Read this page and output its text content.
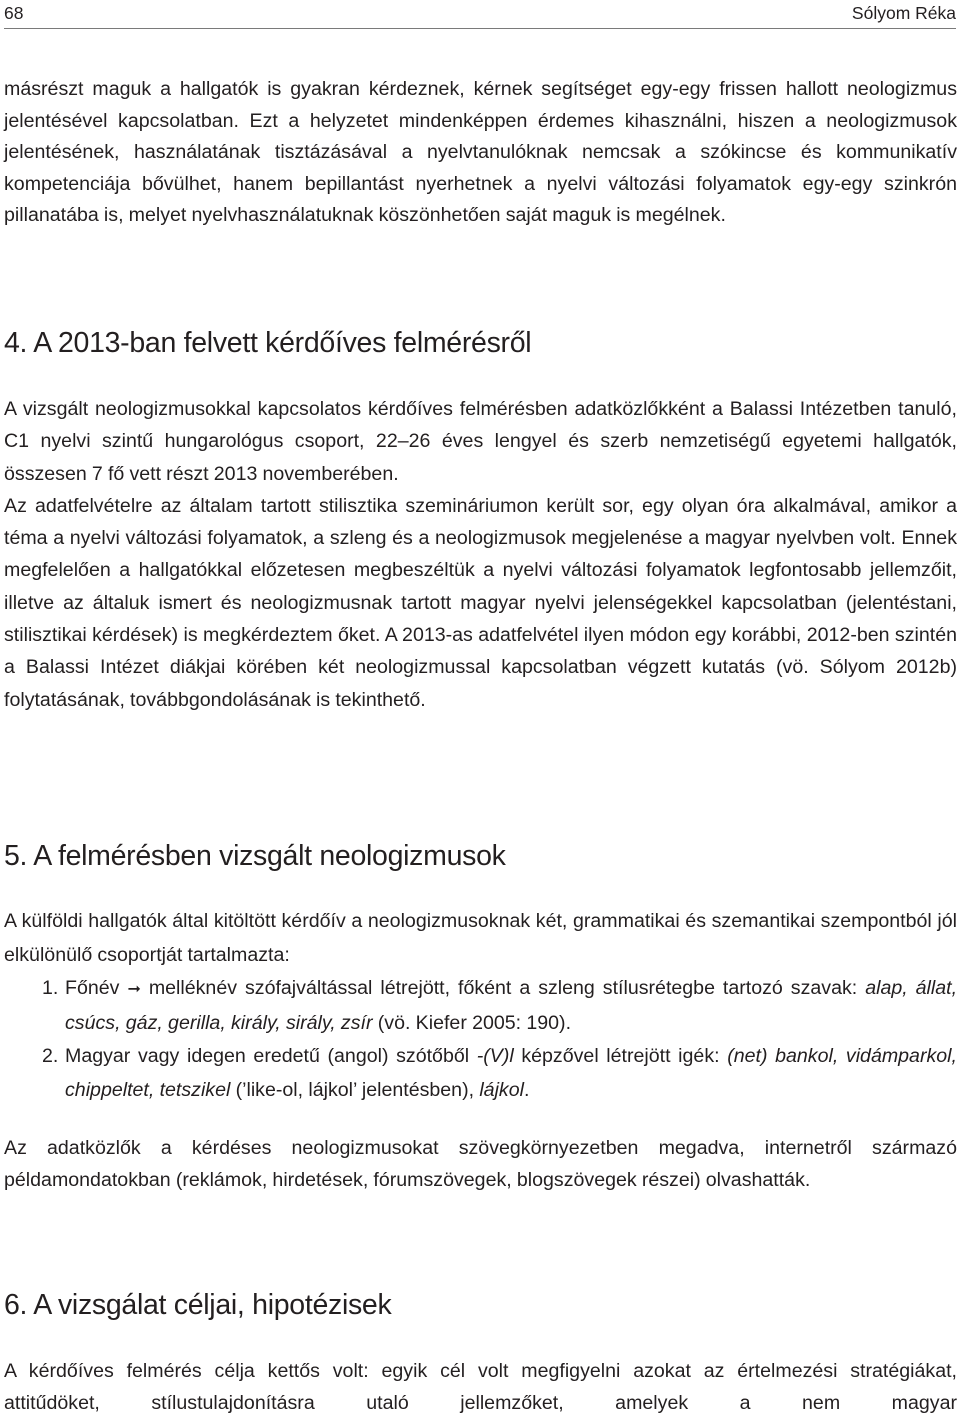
68	Sólyom Réka

másrészt maguk a hallgatók is gyakran kérdeznek, kérnek segítséget egy-egy frissen hallott neologizmus jelentésével kapcsolatban. Ezt a helyzetet mindenképpen érdemes kihasználni, hiszen a neologizmusok jelentésének, használatának tisztázásával a nyelvtanulóknak nemcsak a szókincse és kommunikatív kompetenciája bővülhet, hanem bepillantást nyerhetnek a nyelvi változási folyamatok egy-egy szinkrón pillanatába is, melyet nyelvhasználatuknak köszönhetően saját maguk is megélnek.

4. A 2013-ban felvett kérdőíves felmérésről

A vizsgált neologizmusokkal kapcsolatos kérdőíves felmérésben adatközlőkként a Balassi Intézetben tanuló, C1 nyelvi szintű hungarológus csoport, 22–26 éves lengyel és szerb nemzetiségű egyetemi hallgatók, összesen 7 fő vett részt 2013 novemberében.

Az adatfelvételre az általam tartott stilisztika szemináriumon került sor, egy olyan óra alkalmával, amikor a téma a nyelvi változási folyamatok, a szleng és a neologizmusok megjelenése a magyar nyelvben volt. Ennek megfelelően a hallgatókkal előzetesen megbeszéltük a nyelvi változási folyamatok legfontosabb jellemzőit, illetve az általuk ismert és neologizmusnak tartott magyar nyelvi jelenségekkel kapcsolatban (jelentéstani, stilisztikai kérdések) is megkérdeztem őket. A 2013-as adatfelvétel ilyen módon egy korábbi, 2012-ben szintén a Balassi Intézet diákjai körében két neologizmussal kapcsolatban végzett kutatás (vö. Sólyom 2012b) folytatásának, továbbgondolásának is tekinthető.

5. A felmérésben vizsgált neologizmusok

A külföldi hallgatók által kitöltött kérdőív a neologizmusoknak két, grammatikai és szemantikai szempontból jól elkülönülő csoportját tartalmazta:

1. Főnév ➞ melléknév szófajváltással létrejött, főként a szleng stílusrétegbe tartozó szavak: alap, állat, csúcs, gáz, gerilla, király, sirály, zsír (vö. Kiefer 2005: 190).
2. Magyar vagy idegen eredetű (angol) szótőből -(V)l képzővel létrejött igék: (net) bankol, vidámparkol, chippeltet, tetszikel (’like-ol, lájkol’ jelentésben), lájkol.

Az adatközlők a kérdéses neologizmusokat szövegkörnyezetben megadva, internetről származó példamondatokban (reklámok, hirdetések, fórumszövegek, blogszövegek részei) olvashatták.

6. A vizsgálat céljai, hipotézisek

A kérdőíves felmérés célja kettős volt: egyik cél volt megfigyelni azokat az értelmezési stratégiákat, attitűdöket, stílustulajdonításra utaló jellemzőket, amelyek a nem magyar
